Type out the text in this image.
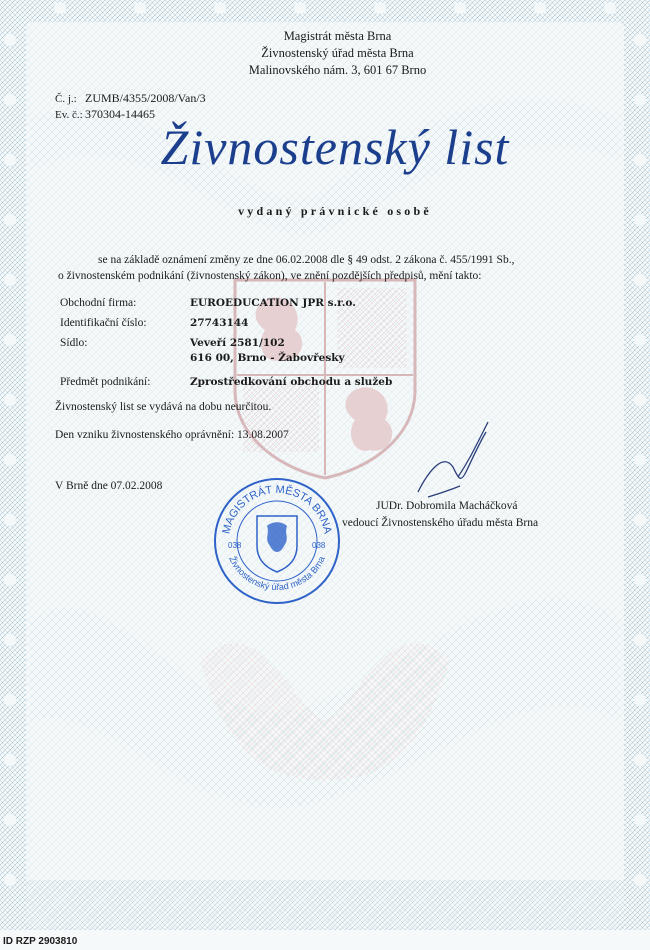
Magistrát města Brna
Živnostenský úřad města Brna
Malinovského nám. 3, 601 67 Brno
Č. j.: ZUMB/4355/2008/Van/3
Ev. č.: 370304-14465
Živnostenský list
vydaný právnické osobě
se na základě oznámení změny ze dne 06.02.2008 dle § 49 odst. 2 zákona č. 455/1991 Sb.,
o živnostenském podnikání (živnostenský zákon), ve znění pozdějších předpisů, mění takto:
Obchodní firma:	EUROEDUCATION JPR s.r.o.
Identifikační číslo:	27743144
Sídlo:	Veveří 2581/102
616 00, Brno - Žabovřesky
Předmět podnikání:	Zprostředkování obchodu a služeb
Živnostenský list se vydává na dobu neurčitou.
Den vzniku živnostenského oprávnění: 13.08.2007
V Brně dne 07.02.2008
JUDr. Dobromila Macháčková
vedoucí Živnostenského úřadu města Brna
MAGISTRÁT MĚSTA BRNA
Živnostenský úřad města Brna
038	038
ID RZP 2903810
